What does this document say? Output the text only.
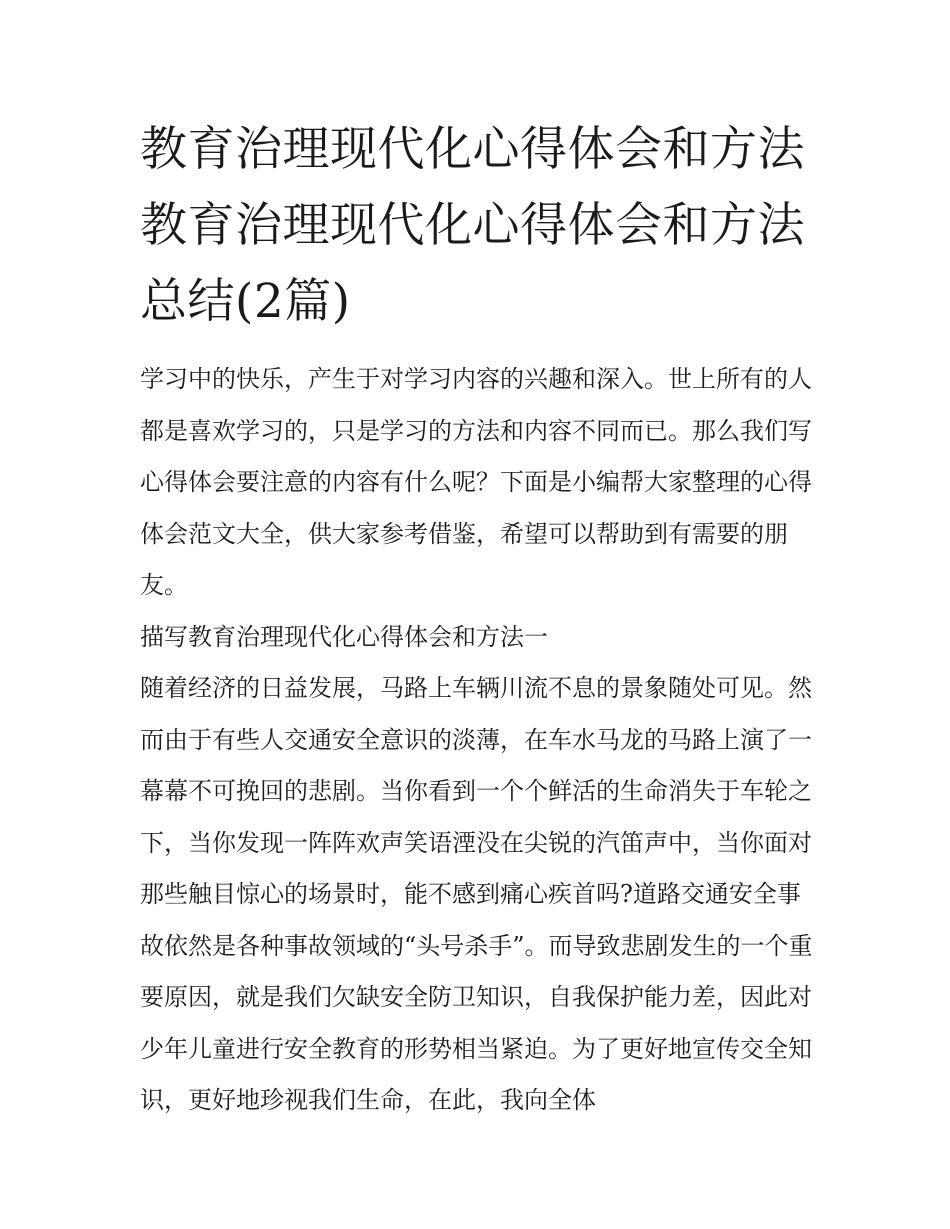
教育治理现代化心得体会和方法 教育治理现代化心得体会和方法总结(2篇)

学习中的快乐，产生于对学习内容的兴趣和深入。世上所有的人都是喜欢学习的，只是学习的方法和内容不同而已。那么我们写心得体会要注意的内容有什么呢？下面是小编帮大家整理的心得体会范文大全，供大家参考借鉴，希望可以帮助到有需要的朋友。

描写教育治理现代化心得体会和方法一

随着经济的日益发展，马路上车辆川流不息的景象随处可见。然而由于有些人交通安全意识的淡薄，在车水马龙的马路上演了一幕幕不可挽回的悲剧。当你看到一个个鲜活的生命消失于车轮之下，当你发现一阵阵欢声笑语湮没在尖锐的汽笛声中，当你面对那些触目惊心的场景时，能不感到痛心疾首吗?道路交通安全事故依然是各种事故领域的“头号杀手”。而导致悲剧发生的一个重要原因，就是我们欠缺安全防卫知识，自我保护能力差，因此对少年儿童进行安全教育的形势相当紧迫。为了更好地宣传交全知识，更好地珍视我们生命，在此，我向全体
